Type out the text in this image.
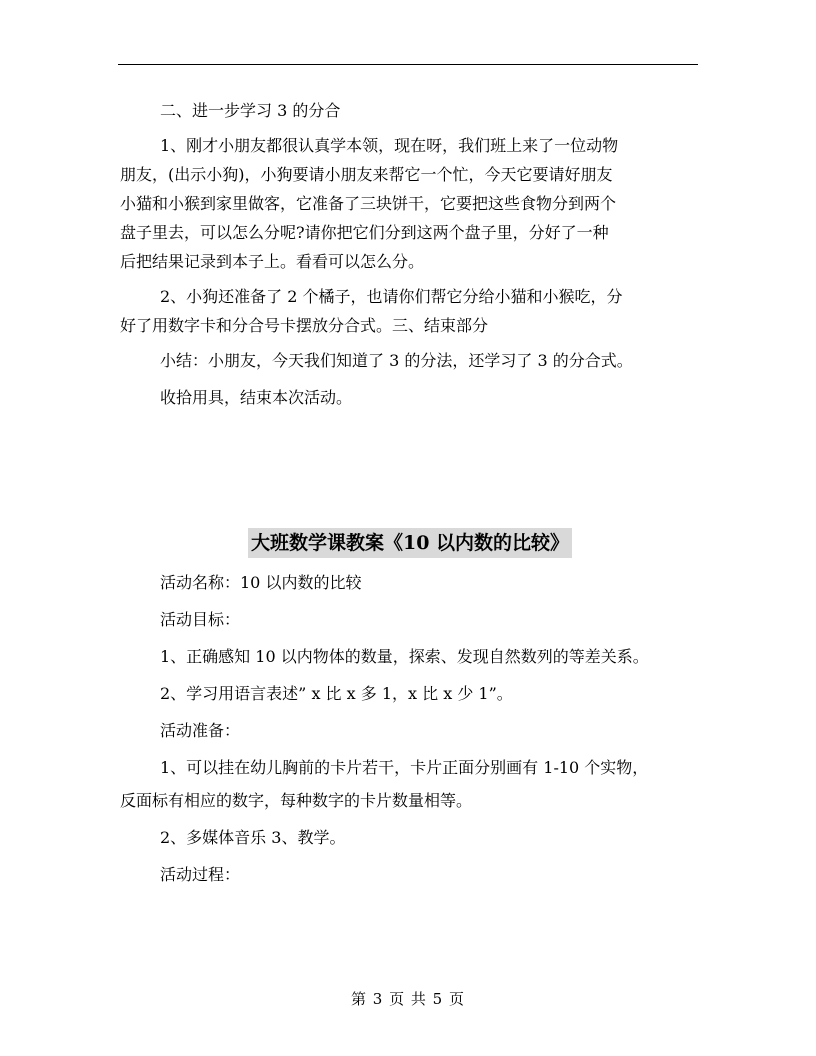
二、进一步学习 3 的分合

1、刚才小朋友都很认真学本领，现在呀，我们班上来了一位动物
朋友，(出示小狗)，小狗要请小朋友来帮它一个忙，今天它要请好朋友
小猫和小猴到家里做客，它准备了三块饼干，它要把这些食物分到两个
盘子里去，可以怎么分呢?请你把它们分到这两个盘子里，分好了一种
后把结果记录到本子上。看看可以怎么分。
2、小狗还准备了 2 个橘子，也请你们帮它分给小猫和小猴吃，分
好了用数字卡和分合号卡摆放分合式。三、结束部分

小结：小朋友，今天我们知道了 3 的分法，还学习了 3 的分合式。

收拾用具，结束本次活动。

大班数学课教案《10 以内数的比较》

活动名称：10 以内数的比较

活动目标：

1、正确感知 10 以内物体的数量，探索、发现自然数列的等差关系。

2、学习用语言表述” x 比 x 多 1，x 比 x 少 1”。

活动准备：

1、可以挂在幼儿胸前的卡片若干，卡片正面分别画有 1-10 个实物，
反面标有相应的数字，每种数字的卡片数量相等。

2、多媒体音乐 3、教学。

活动过程：

第 3 页 共 5 页
